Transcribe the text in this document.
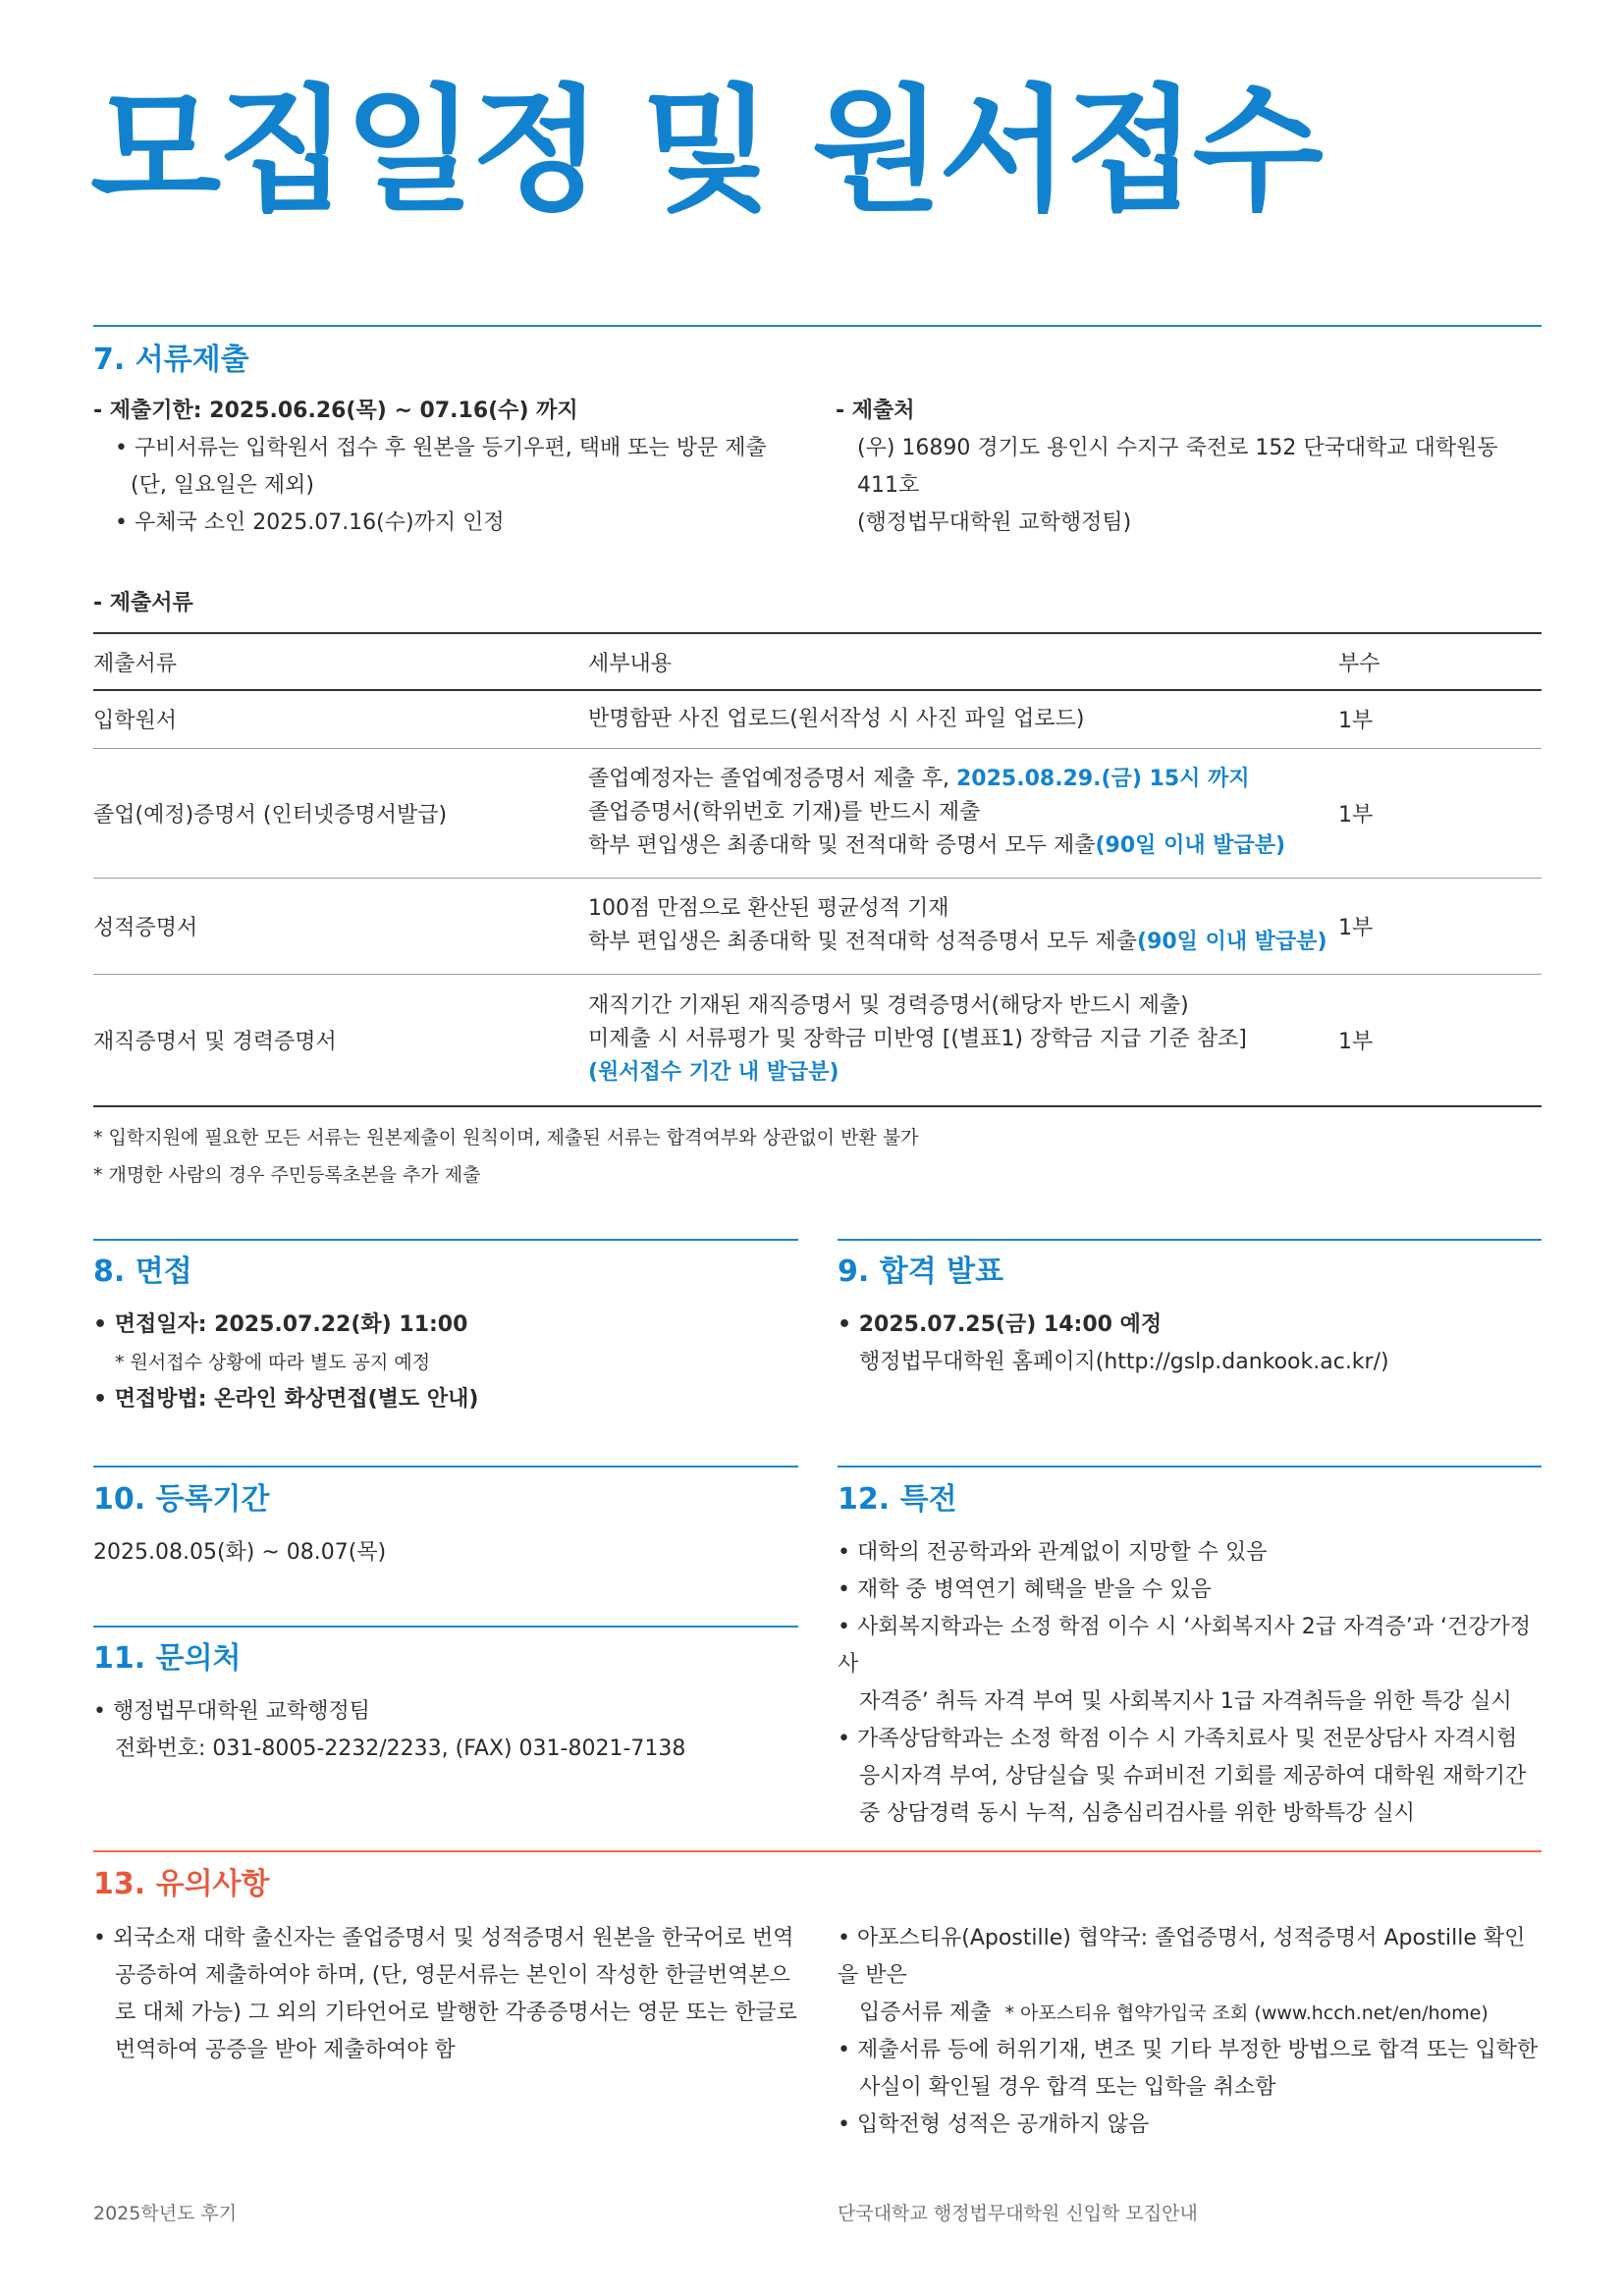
모집일정 및 원서접수
7. 서류제출

- 제출기한: 2025.06.26(목) ~ 07.16(수) 까지

• 구비서류는 입학원서 접수 후 원본을 등기우편, 택배 또는 방문 제출

(단, 일요일은 제외)

• 우체국 소인 2025.07.16(수)까지 인정

- 제출처

(우) 16890 경기도 용인시 수지구 죽전로 152 단국대학교 대학원동 411호

(행정법무대학원 교학행정팀)

- 제출서류
제출서류	세부내용	부수
입학원서	반명함판 사진 업로드(원서작성 시 사진 파일 업로드)	1부
졸업(예정)증명서 (인터넷증명서발급)	졸업예정자는 졸업예정증명서 제출 후, 2025.08.29.(금) 15시 까지
졸업증명서(학위번호 기재)를 반드시 제출
학부 편입생은 최종대학 및 전적대학 증명서 모두 제출(90일 이내 발급분)	1부
성적증명서	100점 만점으로 환산된 평균성적 기재
학부 편입생은 최종대학 및 전적대학 성적증명서 모두 제출(90일 이내 발급분)	1부
재직증명서 및 경력증명서	재직기간 기재된 재직증명서 및 경력증명서(해당자 반드시 제출)
미제출 시 서류평가 및 장학금 미반영 [(별표1) 장학금 지급 기준 참조]
(원서접수 기간 내 발급분)	1부

* 입학지원에 필요한 모든 서류는 원본제출이 원칙이며, 제출된 서류는 합격여부와 상관없이 반환 불가

* 개명한 사람의 경우 주민등록초본을 추가 제출

8. 면접

• 면접일자: 2025.07.22(화) 11:00

* 원서접수 상황에 따라 별도 공지 예정

• 면접방법: 온라인 화상면접(별도 안내)

9. 합격 발표

• 2025.07.25(금) 14:00 예정

행정법무대학원 홈페이지(http://gslp.dankook.ac.kr/)

10. 등록기간
2025.08.05(화) ~ 08.07(목)
11. 문의처

• 행정법무대학원 교학행정팀

전화번호: 031-8005-2232/2233, (FAX) 031-8021-7138

12. 특전

• 대학의 전공학과와 관계없이 지망할 수 있음

• 재학 중 병역연기 혜택을 받을 수 있음

• 사회복지학과는 소정 학점 이수 시 ‘사회복지사 2급 자격증’과 ‘건강가정사

자격증’ 취득 자격 부여 및 사회복지사 1급 자격취득을 위한 특강 실시

• 가족상담학과는 소정 학점 이수 시 가족치료사 및 전문상담사 자격시험

응시자격 부여, 상담실습 및 슈퍼비전 기회를 제공하여 대학원 재학기간

중 상담경력 동시 누적, 심층심리검사를 위한 방학특강 실시

13. 유의사항

• 외국소재 대학 출신자는 졸업증명서 및 성적증명서 원본을 한국어로 번역

공증하여 제출하여야 하며, (단, 영문서류는 본인이 작성한 한글번역본으

로 대체 가능) 그 외의 기타언어로 발행한 각종증명서는 영문 또는 한글로

번역하여 공증을 받아 제출하여야 함

• 아포스티유(Apostille) 협약국: 졸업증명서, 성적증명서 Apostille 확인을 받은

입증서류 제출 * 아포스티유 협약가입국 조회 (www.hcch.net/en/home)

• 제출서류 등에 허위기재, 변조 및 기타 부정한 방법으로 합격 또는 입학한

사실이 확인될 경우 합격 또는 입학을 취소함

• 입학전형 성적은 공개하지 않음

2025학년도 후기	단국대학교 행정법무대학원 신입학 모집안내
